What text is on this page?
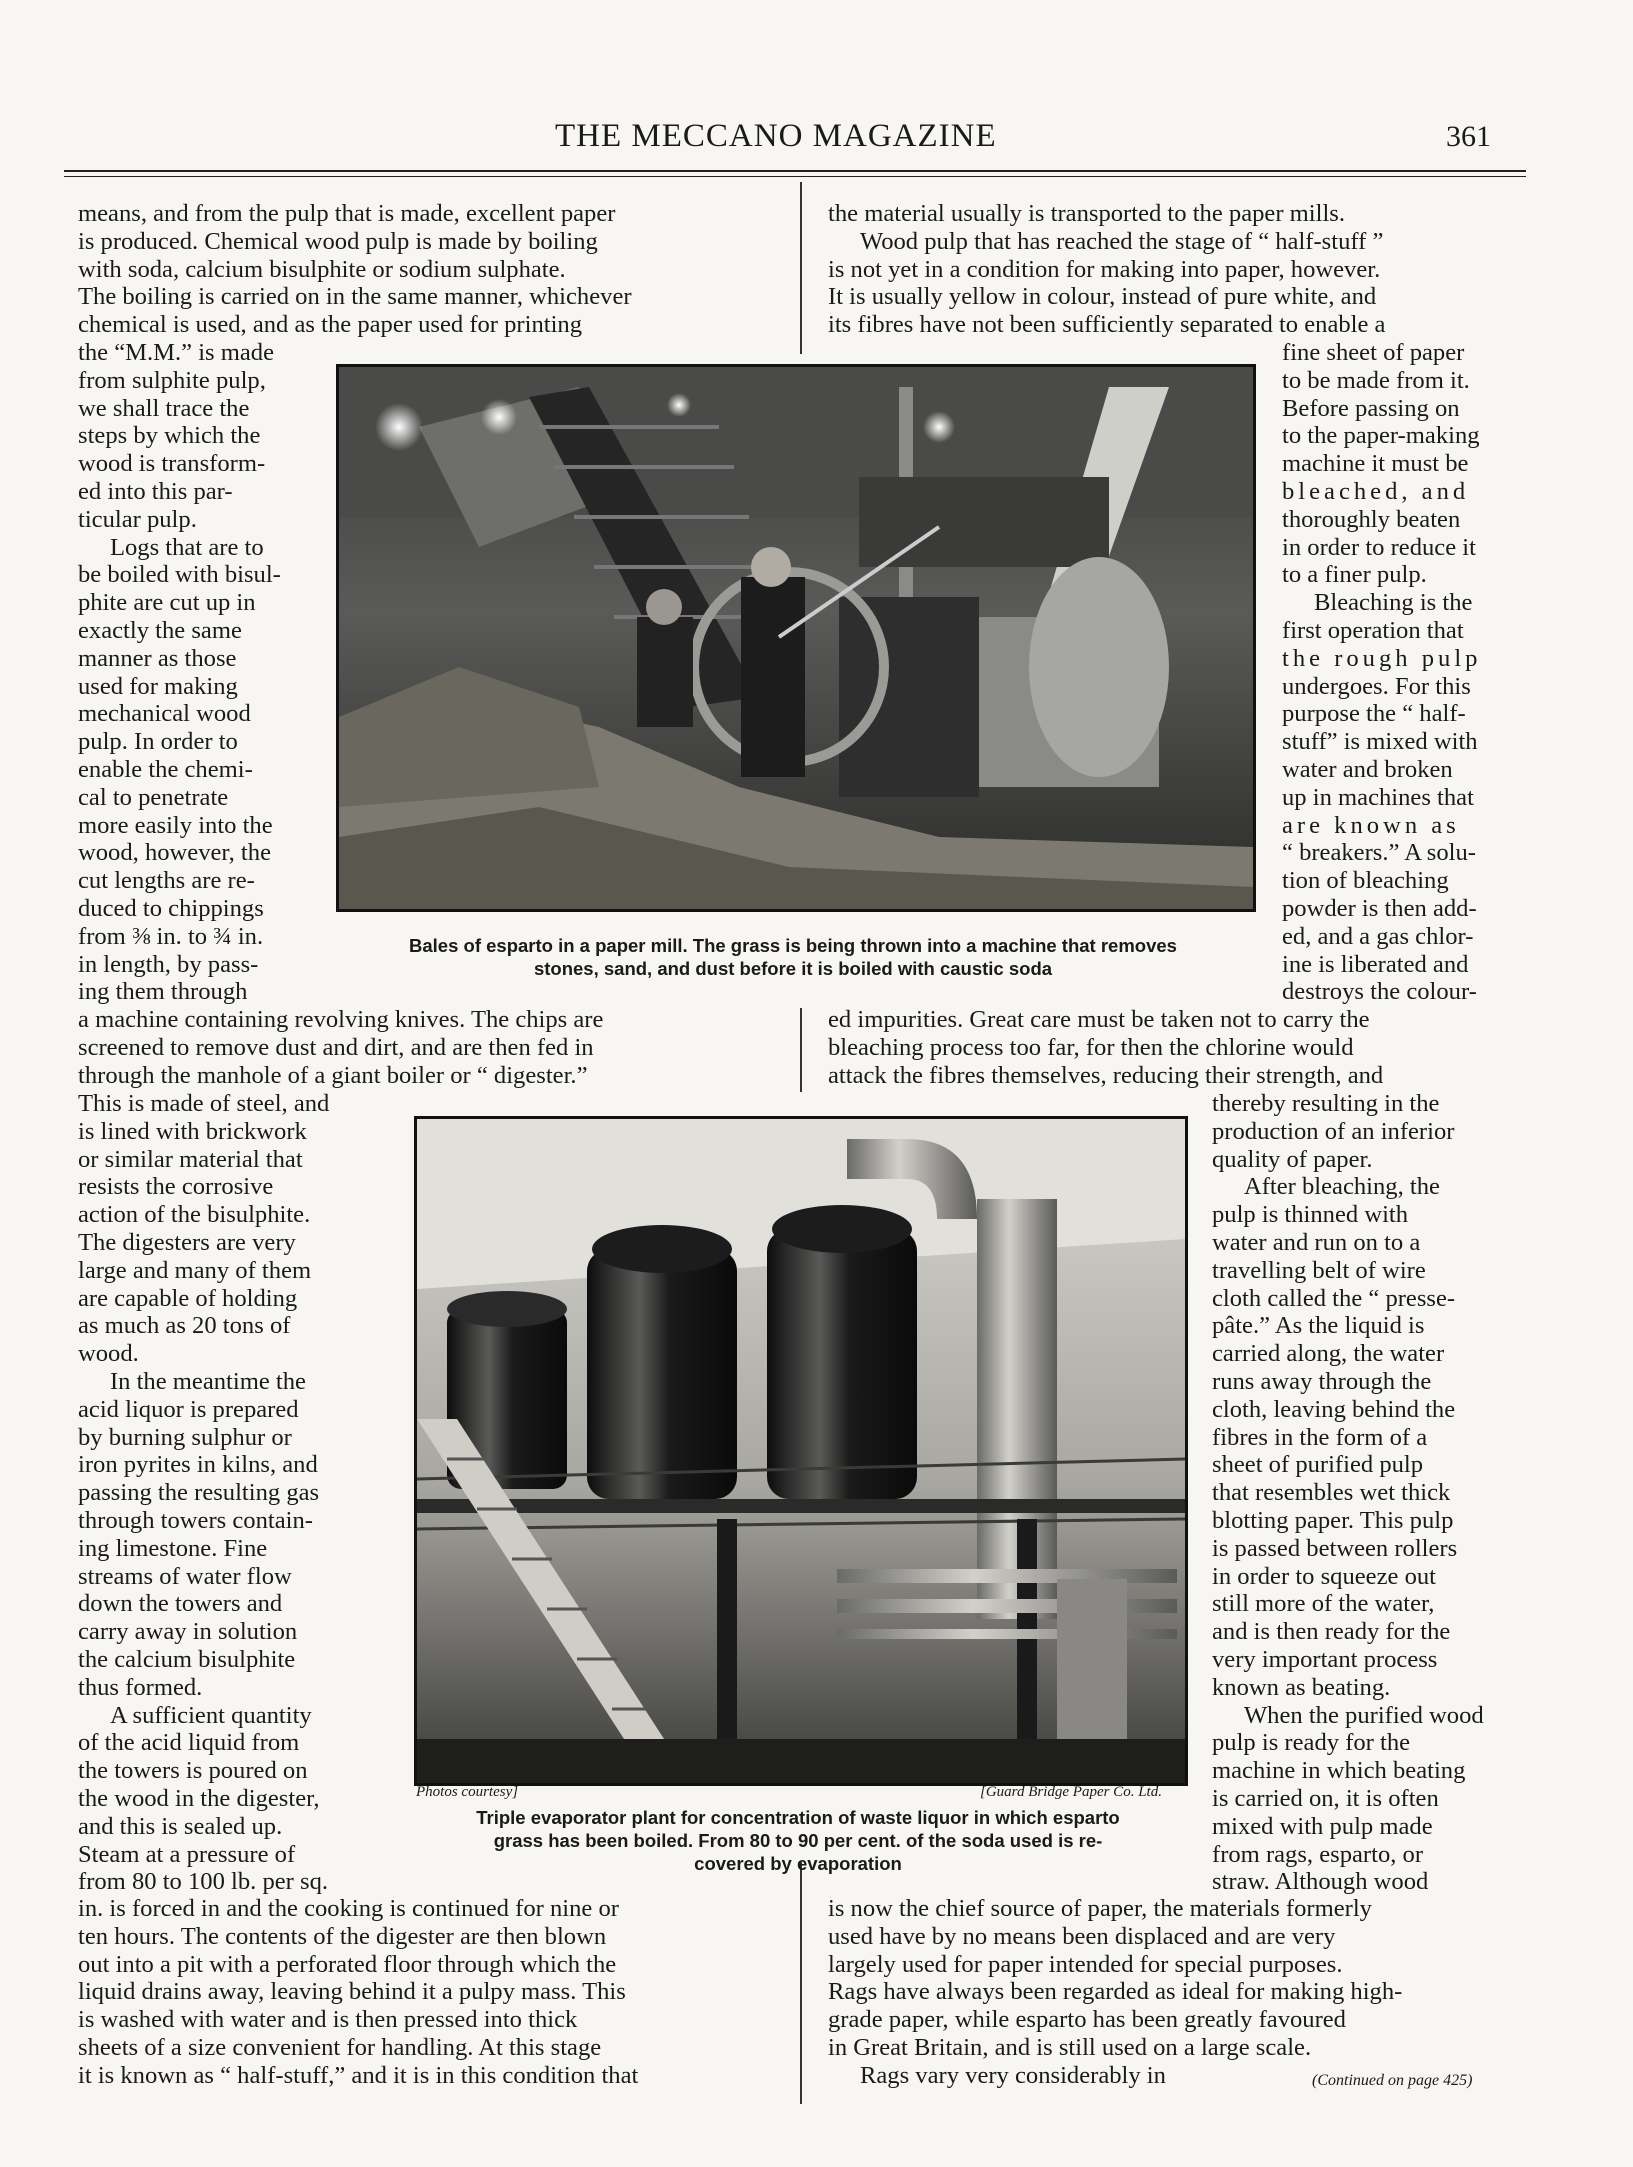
THE MECCANO MAGAZINE	361

means, and from the pulp that is made, excellent paper

is produced. Chemical wood pulp is made by boiling

with soda, calcium bisulphite or sodium sulphate.

The boiling is carried on in the same manner, whichever

chemical is used, and as the paper used for printing

the “M.M.” is made

from sulphite pulp,

we shall trace the

steps by which the

wood is transform-

ed into this par-

ticular pulp.

Logs that are to

be boiled with bisul-

phite are cut up in

exactly the same

manner as those

used for making

mechanical wood

pulp. In order to

enable the chemi-

cal to penetrate

more easily into the

wood, however, the

cut lengths are re-

duced to chippings

from ⅜ in. to ¾ in.

in length, by pass-

ing them through

Bales of esparto in a paper mill. The grass is being thrown into a machine that removes
stones, sand, and dust before it is boiled with caustic soda

the material usually is transported to the paper mills.

Wood pulp that has reached the stage of “ half-stuff ”

is not yet in a condition for making into paper, however.

It is usually yellow in colour, instead of pure white, and

its fibres have not been sufficiently separated to enable a

fine sheet of paper

to be made from it.

Before passing on

to the paper-making

machine it must be

bleached, and

thoroughly beaten

in order to reduce it

to a finer pulp.

Bleaching is the

first operation that

the rough pulp

undergoes. For this

purpose the “ half-

stuff” is mixed with

water and broken

up in machines that

are known as

“ breakers.” A solu-

tion of bleaching

powder is then add-

ed, and a gas chlor-

ine is liberated and

destroys the colour-

a machine containing revolving knives. The chips are

screened to remove dust and dirt, and are then fed in

through the manhole of a giant boiler or “ digester.”

ed impurities. Great care must be taken not to carry the

bleaching process too far, for then the chlorine would

attack the fibres themselves, reducing their strength, and

This is made of steel, and

is lined with brickwork

or similar material that

resists the corrosive

action of the bisulphite.

The digesters are very

large and many of them

are capable of holding

as much as 20 tons of

wood.

In the meantime the

acid liquor is prepared

by burning sulphur or

iron pyrites in kilns, and

passing the resulting gas

through towers contain-

ing limestone. Fine

streams of water flow

down the towers and

carry away in solution

the calcium bisulphite

thus formed.

A sufficient quantity

of the acid liquid from

the towers is poured on

the wood in the digester,

and this is sealed up.

Steam at a pressure of

from 80 to 100 lb. per sq.

Photos courtesy]	[Guard Bridge Paper Co. Ltd.
Triple evaporator plant for concentration of waste liquor in which esparto
grass has been boiled. From 80 to 90 per cent. of the soda used is re-
covered by evaporation

thereby resulting in the

production of an inferior

quality of paper.

After bleaching, the

pulp is thinned with

water and run on to a

travelling belt of wire

cloth called the “ presse-

pâte.” As the liquid is

carried along, the water

runs away through the

cloth, leaving behind the

fibres in the form of a

sheet of purified pulp

that resembles wet thick

blotting paper. This pulp

is passed between rollers

in order to squeeze out

still more of the water,

and is then ready for the

very important process

known as beating.

When the purified wood

pulp is ready for the

machine in which beating

is carried on, it is often

mixed with pulp made

from rags, esparto, or

straw. Although wood

in. is forced in and the cooking is continued for nine or

ten hours. The contents of the digester are then blown

out into a pit with a perforated floor through which the

liquid drains away, leaving behind it a pulpy mass. This

is washed with water and is then pressed into thick

sheets of a size convenient for handling. At this stage

it is known as “ half-stuff,” and it is in this condition that

is now the chief source of paper, the materials formerly

used have by no means been displaced and are very

largely used for paper intended for special purposes.

Rags have always been regarded as ideal for making high-

grade paper, while esparto has been greatly favoured

in Great Britain, and is still used on a large scale.

Rags vary very considerably in	(Continued on page 425)
